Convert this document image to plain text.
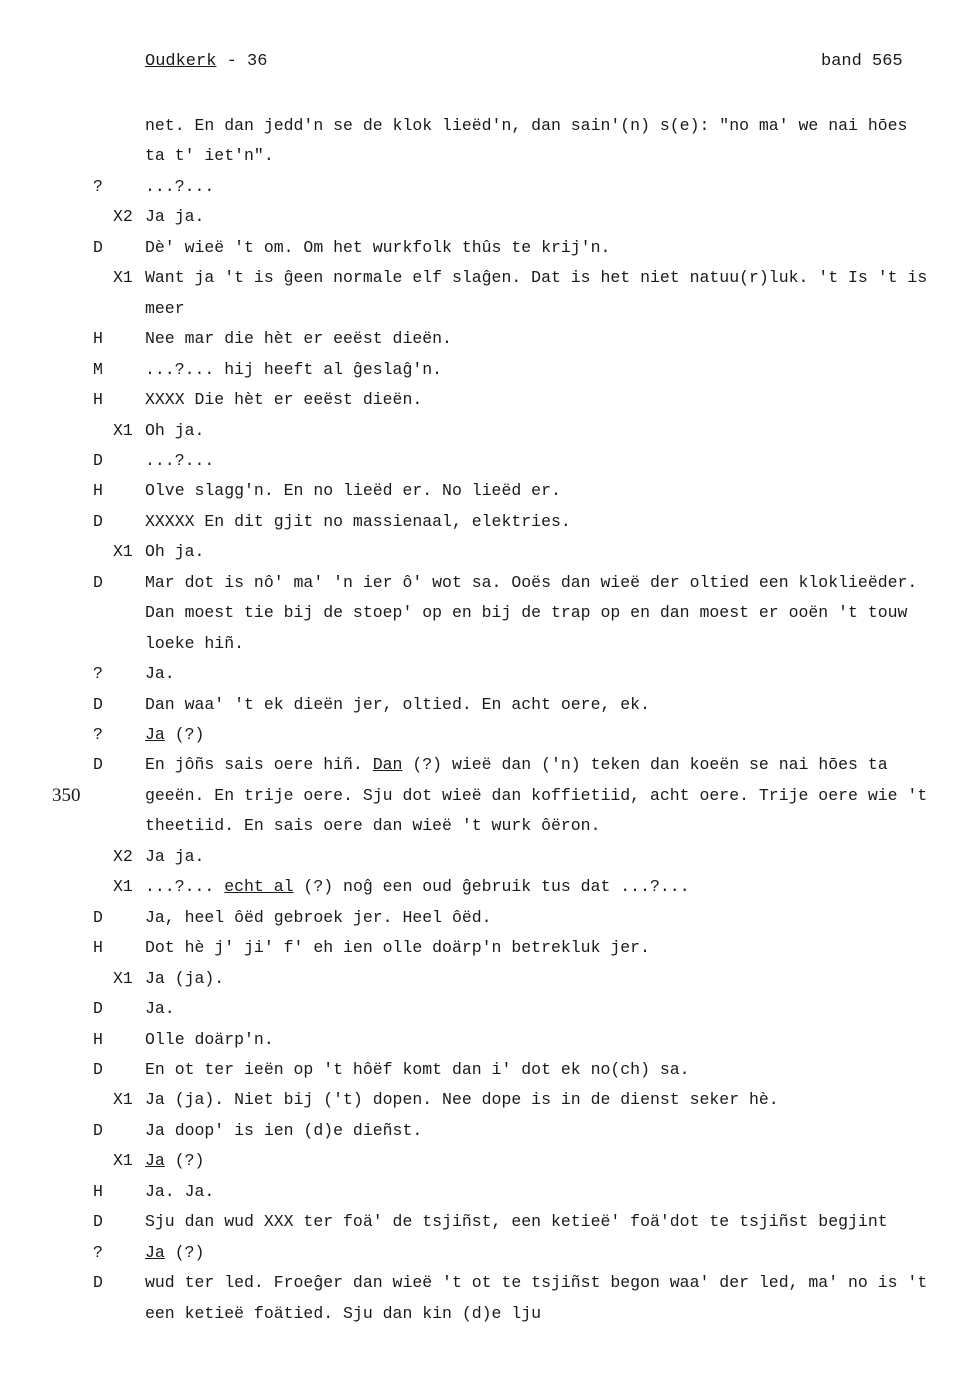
Oudkerk - 36	band 565
net. En dan jedd'n se de klok lieëd'n, dan sain'(n) s(e): "no ma' we nai hōes
ta t' iet'n".
?	...?...
X2 Ja ja.
D	Dè' wieë 't om. Om het wurkfolk thûs te krij'n.
X1 Want ja 't is ĝeen normale elf slaĝen. Dat is het niet natuu(r)luk. 't Is 't is
meer
H	Nee mar die hèt er eeëst dieën.
M	...?... hij heeft al ĝeslaĝ'n.
H	XXXX Die hèt er eeëst dieën.
X1 Oh ja.
D	...?...
H	Olve slagg'n. En no lieëd er. No lieëd er.
D	XXXXX En dit gjit no massienaal, elektries.
X1 Oh ja.
D	Mar dot is nô' ma' 'n ier ô' wot sa. Ooës dan wieë der oltied een kloklieëder.
Dan moest tie bij de stoep' op en bij de trap op en dan moest er ooën 't touw
loeke hiñ.
?	Ja.
D	Dan waa' 't ek dieën jer, oltied. En acht oere, ek.
?	Ja (?)
D	En jôñs sais oere hiñ. Dan (?) wieë dan ('n) teken dan koeën se nai hōes ta
geeën. En trije oere. Sju dot wieë dan koffietiid, acht oere. Trije oere wie 't
350
theetiid. En sais oere dan wieë 't wurk ôëron.
X2 Ja ja.
X1 ...?... echt al (?) noĝ een oud ĝebruik tus dat ...?...
D	Ja, heel ôëd gebroek jer. Heel ôëd.
H	Dot hè j' ji' f' eh ien olle doärp'n betrekluk jer.
X1 Ja (ja).
D	Ja.
H	Olle doärp'n.
D	En ot ter ieën op 't hôëf komt dan i' dot ek no(ch) sa.
X1 Ja (ja). Niet bij ('t) dopen. Nee dope is in de dienst seker hè.
D	Ja doop' is ien (d)e dieñst.
X1 Ja (?)
H	Ja. Ja.
D	Sju dan wud XXX ter foä' de tsjiñst, een ketieë' foä'dot te tsjiñst begjint
?	Ja (?)
D	wud ter led. Froeĝer dan wieë 't ot te tsjiñst begon waa' der led, ma' no is 't
een ketieë foätied. Sju dan kin (d)e lju
